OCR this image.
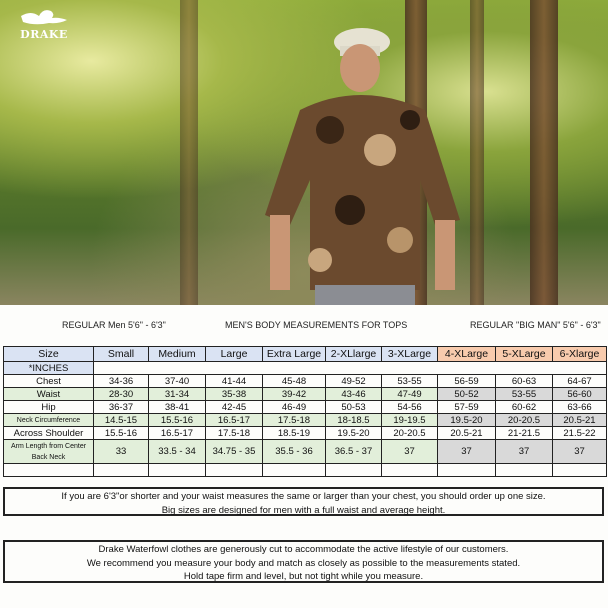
DRAKE
REGULAR Men 5'6" - 6'3"	MEN'S BODY MEASUREMENTS FOR TOPS	REGULAR "BIG MAN" 5'6" - 6'3"
Size	Small	Medium	Large	Extra Large	2-XLlarge	3-XLarge	4-XLarge	5-XLarge	6-Xlarge
*INCHES									
Chest	34-36	37-40	41-44	45-48	49-52	53-55	56-59	60-63	64-67
Waist	28-30	31-34	35-38	39-42	43-46	47-49	50-52	53-55	56-60
Hip	36-37	38-41	42-45	46-49	50-53	54-56	57-59	60-62	63-66
Neck Circumference	14.5-15	15.5-16	16.5-17	17.5-18	18-18.5	19-19.5	19.5-20	20-20.5	20.5-21
Across Shoulder	15.5-16	16.5-17	17.5-18	18.5-19	19.5-20	20-20.5	20.5-21	21-21.5	21.5-22
Arm Length from Center Back Neck	33	33.5 - 34	34.75 - 35	35.5 - 36	36.5 - 37	37	37	37	37

If you are 6'3"or shorter and your waist measures the same or larger than your chest, you should order up one size.
Big sizes are designed for men with a full waist and average height.
Drake Waterfowl clothes are generously cut to accommodate the active lifestyle of our customers.
We recommend you measure your body and match as closely as possible to the measurements stated.
Hold tape firm and level, but not tight while you measure.
